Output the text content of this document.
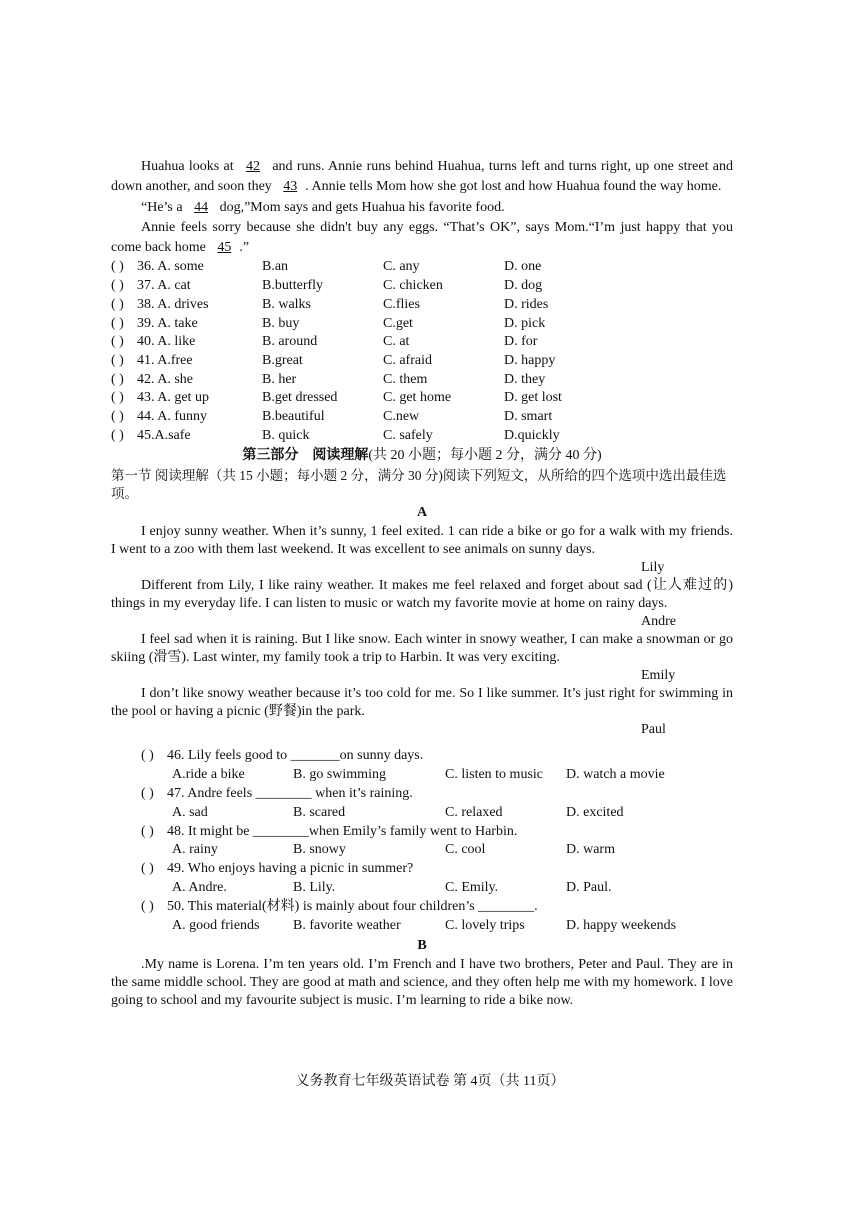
Huahua looks at 42 and runs. Annie runs behind Huahua, turns left and turns right, up one street and down another, and soon they 43 . Annie tells Mom how she got lost and how Huahua found the way home.

“He’s a 44 dog,”Mom says and gets Huahua his favorite food.

Annie feels sorry because she didn't buy any eggs. “That’s OK”, says Mom.“I’m just happy that you come back home 45 .”

( ) 36. A. some	B.an	C. any	D. one
( ) 37. A. cat	B.butterfly	C. chicken	D. dog
( ) 38. A. drives	B. walks	C.flies	D. rides
( ) 39. A. take	B. buy	C.get	D. pick
( ) 40. A. like	B. around	C. at	D. for
( ) 41. A.free	B.great	C. afraid	D. happy
( ) 42. A. she	B. her	C. them	D. they
( ) 43. A. get up	B.get dressed	C. get home	D. get lost
( ) 44. A. funny	B.beautiful	C.new	D. smart
( ) 45.A.safe	B. quick	C. safely	D.quickly
第三部分　阅读理解(共 20 小题；每小题 2 分，满分 40 分)
第一节 阅读理解（共 15 小题；每小题 2 分，满分 30 分)阅读下列短文，从所给的四个选项中选出最佳选项。
A

I enjoy sunny weather. When it’s sunny, 1 feel exited. 1 can ride a bike or go for a walk with my friends. I went to a zoo with them last weekend. It was excellent to see animals on sunny days.

Lily

Different from Lily, I like rainy weather. It makes me feel relaxed and forget about sad (让人难过的) things in my everyday life. I can listen to music or watch my favorite movie at home on rainy days.

Andre

I feel sad when it is raining. But I like snow. Each winter in snowy weather, I can make a snowman or go skiing (滑雪). Last winter, my family took a trip to Harbin. It was very exciting.

Emily

I don’t like snowy weather because it’s too cold for me. So I like summer. It’s just right for swimming in the pool or having a picnic (野餐)in the park.

Paul
( ) 46. Lily feels good to _______on sunny days.
A.ride a bike	B. go swimming	C. listen to music	D. watch a movie
( ) 47. Andre feels ________ when it’s raining.
A. sad	B. scared	C. relaxed	D. excited
( ) 48. It might be ________when Emily’s family went to Harbin.
A. rainy	B. snowy	C. cool	D. warm
( ) 49. Who enjoys having a picnic in summer?
A. Andre.	B. Lily.	C. Emily.	D. Paul.
( ) 50. This material(材料) is mainly about four children’s ________.
A. good friends	B. favorite weather	C. lovely trips	D. happy weekends
B

.My name is Lorena. I’m ten years old. I’m French and I have two brothers, Peter and Paul. They are in the same middle school. They are good at math and science, and they often help me with my homework. I love going to school and my favourite subject is music. I’m learning to ride a bike now.

义务教育七年级英语试卷 第 4页（共 11页）
